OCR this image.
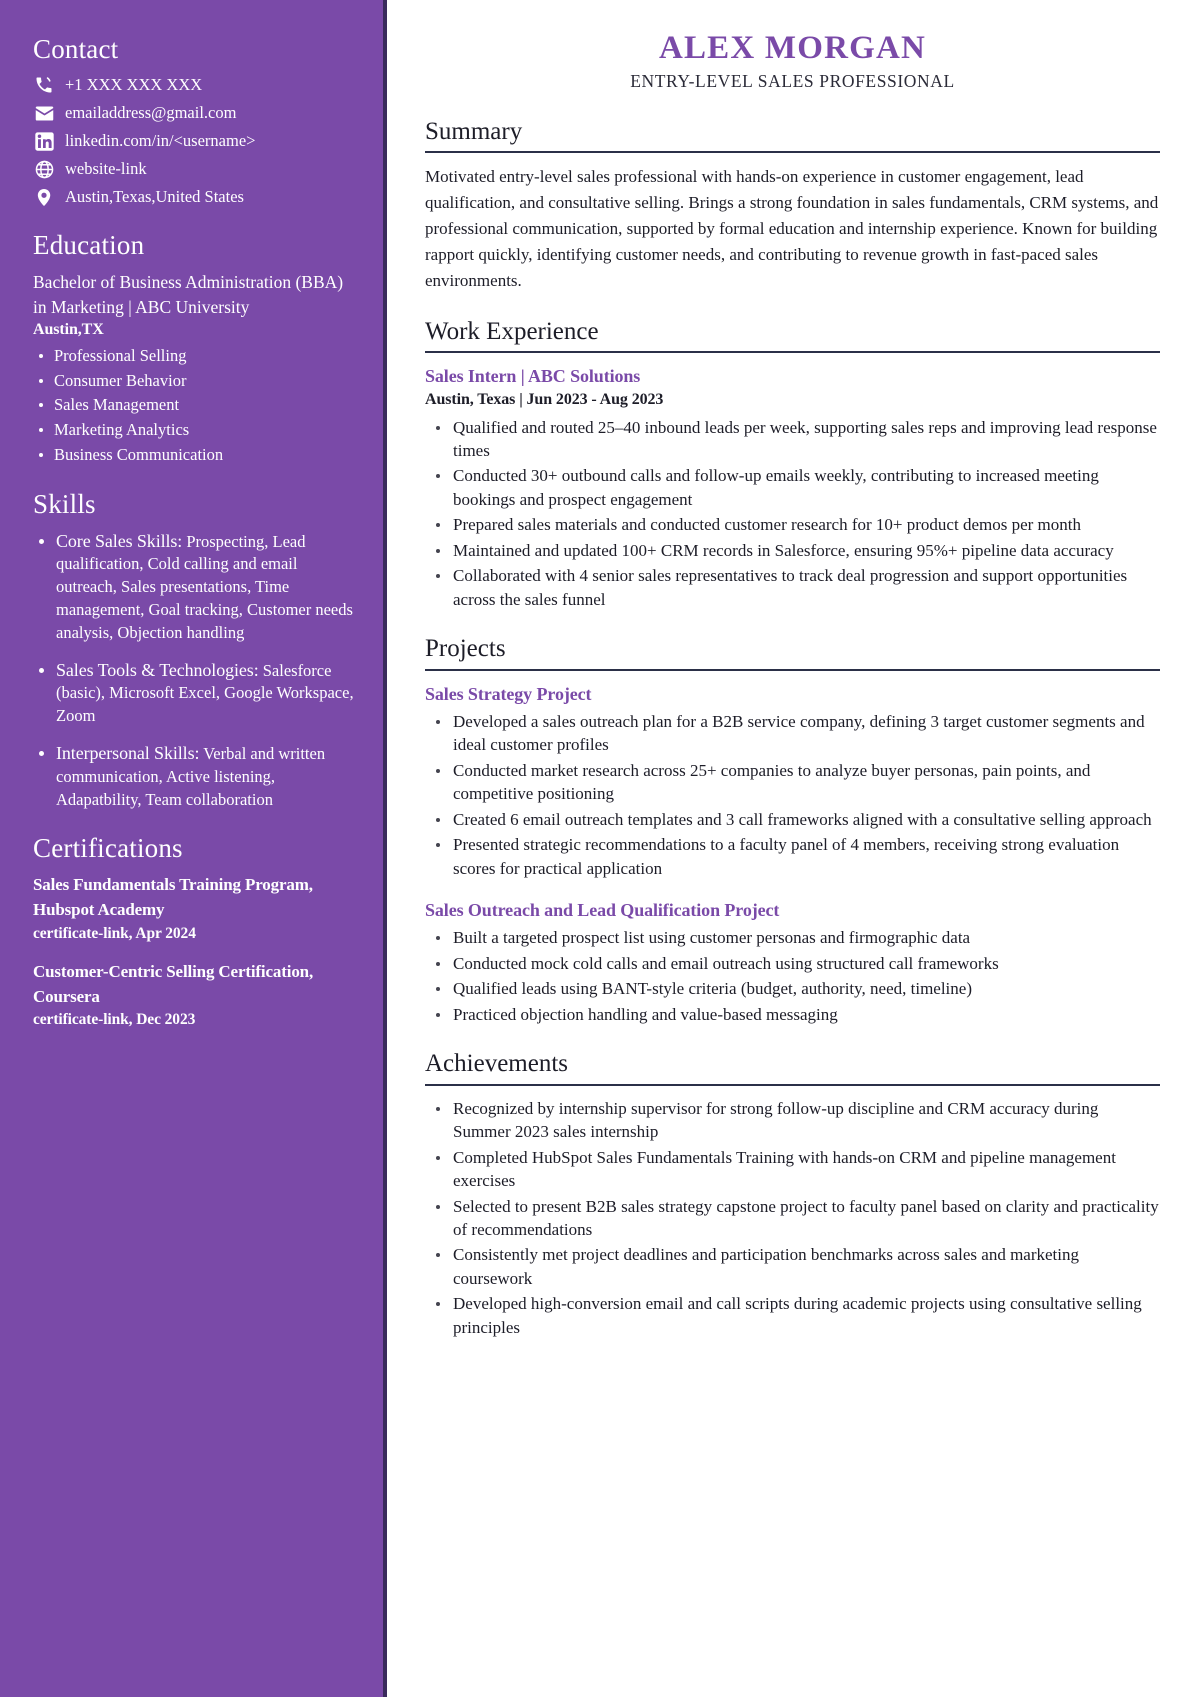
Contact
+1 XXX XXX XXX
emailaddress@gmail.com
linkedin.com/in/<username>
website-link
Austin,Texas,United States
Education
Bachelor of Business Administration (BBA) in Marketing | ABC University
Austin,TX
Professional Selling
Consumer Behavior
Sales Management
Marketing Analytics
Business Communication
Skills
Core Sales Skills: Prospecting, Lead qualification, Cold calling and email outreach, Sales presentations, Time management, Goal tracking, Customer needs analysis, Objection handling
Sales Tools & Technologies: Salesforce (basic), Microsoft Excel, Google Workspace, Zoom
Interpersonal Skills: Verbal and written communication, Active listening, Adapatbility, Team collaboration
Certifications
Sales Fundamentals Training Program, Hubspot Academy
certificate-link, Apr 2024
Customer-Centric Selling Certification, Coursera
certificate-link, Dec 2023
ALEX MORGAN
ENTRY-LEVEL SALES PROFESSIONAL
Summary

Motivated entry-level sales professional with hands-on experience in customer engagement, lead qualification, and consultative selling. Brings a strong foundation in sales fundamentals, CRM systems, and professional communication, supported by formal education and internship experience. Known for building rapport quickly, identifying customer needs, and contributing to revenue growth in fast-paced sales environments.

Work Experience
Sales Intern | ABC Solutions
Austin, Texas | Jun 2023 - Aug 2023
Qualified and routed 25–40 inbound leads per week, supporting sales reps and improving lead response times
Conducted 30+ outbound calls and follow-up emails weekly, contributing to increased meeting bookings and prospect engagement
Prepared sales materials and conducted customer research for 10+ product demos per month
Maintained and updated 100+ CRM records in Salesforce, ensuring 95%+ pipeline data accuracy
Collaborated with 4 senior sales representatives to track deal progression and support opportunities across the sales funnel
Projects
Sales Strategy Project
Developed a sales outreach plan for a B2B service company, defining 3 target customer segments and ideal customer profiles
Conducted market research across 25+ companies to analyze buyer personas, pain points, and competitive positioning
Created 6 email outreach templates and 3 call frameworks aligned with a consultative selling approach
Presented strategic recommendations to a faculty panel of 4 members, receiving strong evaluation scores for practical application
Sales Outreach and Lead Qualification Project
Built a targeted prospect list using customer personas and firmographic data
Conducted mock cold calls and email outreach using structured call frameworks
Qualified leads using BANT-style criteria (budget, authority, need, timeline)
Practiced objection handling and value-based messaging
Achievements
Recognized by internship supervisor for strong follow-up discipline and CRM accuracy during Summer 2023 sales internship
Completed HubSpot Sales Fundamentals Training with hands-on CRM and pipeline management exercises
Selected to present B2B sales strategy capstone project to faculty panel based on clarity and practicality of recommendations
Consistently met project deadlines and participation benchmarks across sales and marketing coursework
Developed high-conversion email and call scripts during academic projects using consultative selling principles
